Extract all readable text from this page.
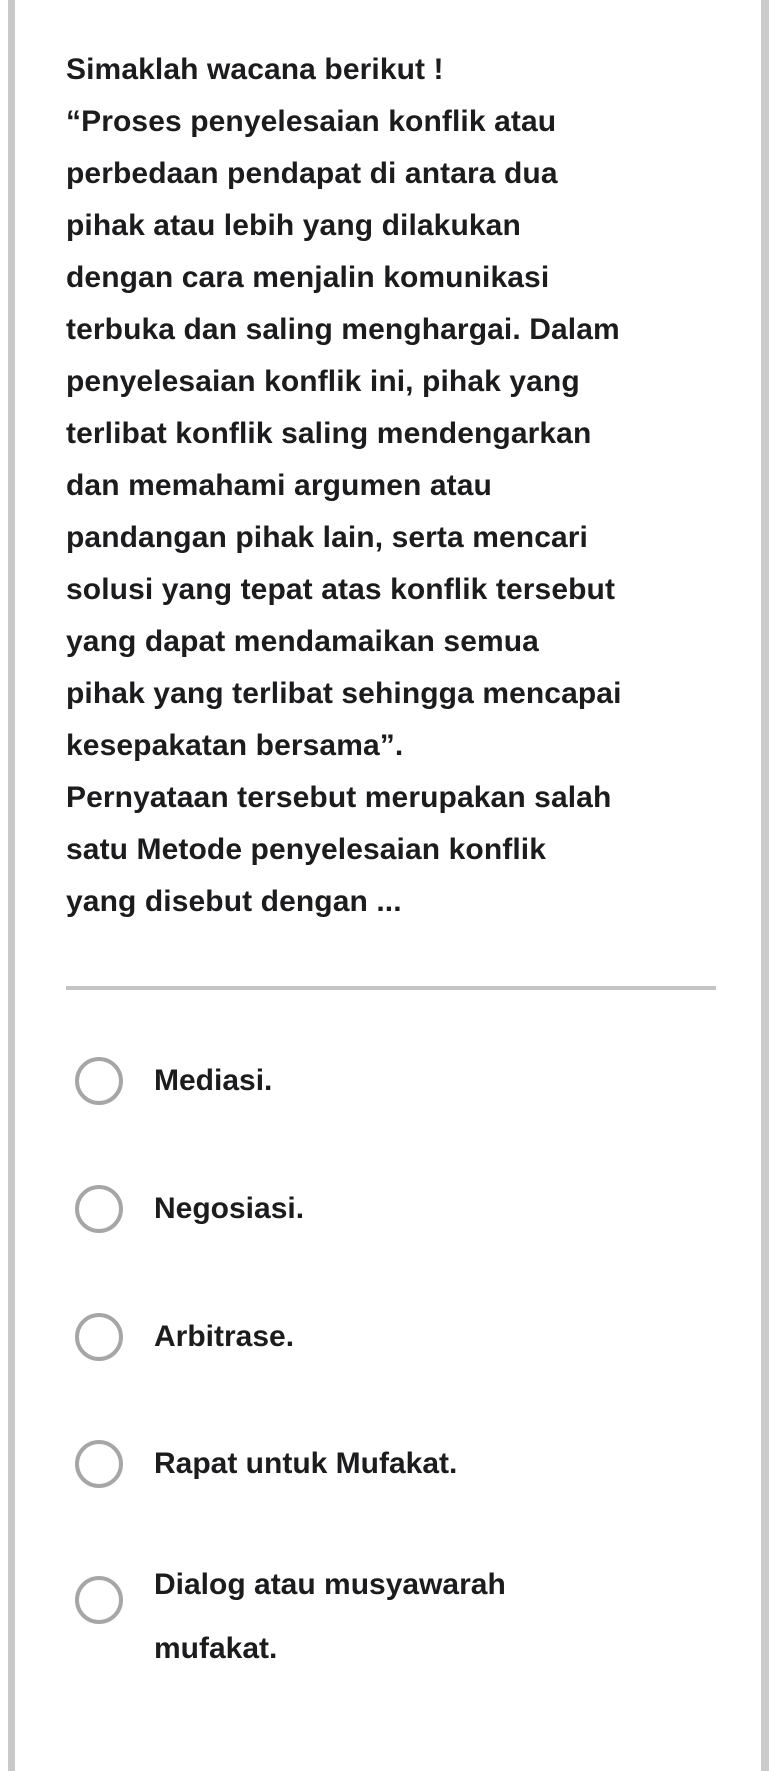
Simaklah wacana berikut !
“Proses penyelesaian konflik atau
perbedaan pendapat di antara dua
pihak atau lebih yang dilakukan
dengan cara menjalin komunikasi
terbuka dan saling menghargai. Dalam
penyelesaian konflik ini, pihak yang
terlibat konflik saling mendengarkan
dan memahami argumen atau
pandangan pihak lain, serta mencari
solusi yang tepat atas konflik tersebut
yang dapat mendamaikan semua
pihak yang terlibat sehingga mencapai
kesepakatan bersama”.
Pernyataan tersebut merupakan salah
satu Metode penyelesaian konflik
yang disebut dengan ...
Mediasi.
Negosiasi.
Arbitrase.
Rapat untuk Mufakat.
Dialog atau musyawarah
mufakat.
